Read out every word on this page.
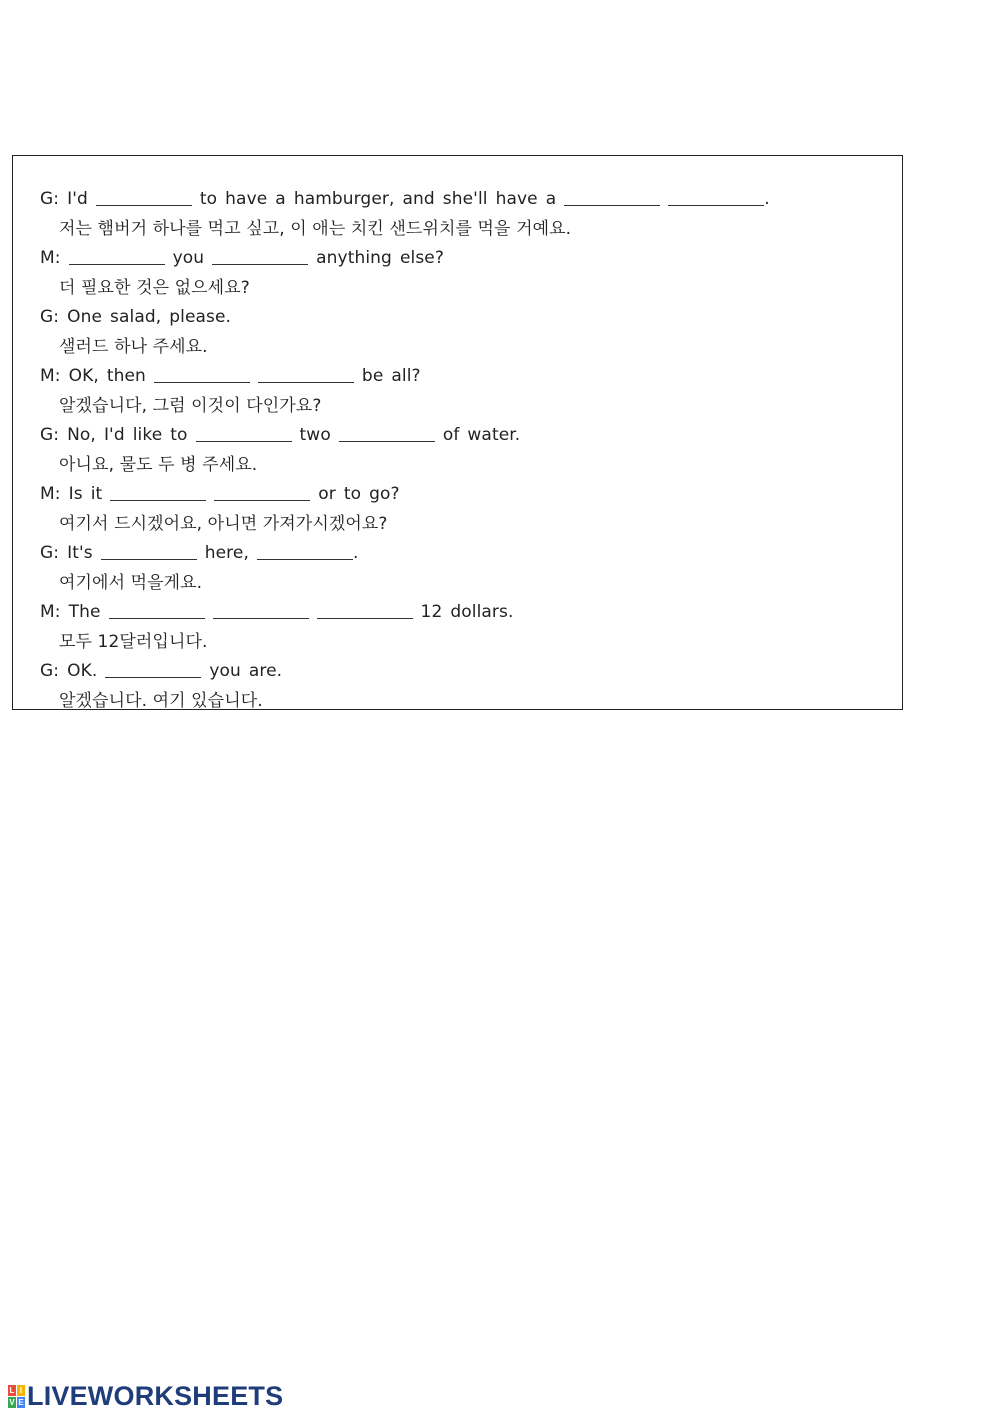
G: I'd	to have a hamburger, and she'll have a	.
저는 햄버거 하나를 먹고 싶고, 이 애는 치킨 샌드위치를 먹을 거예요.
M:	you	anything else?
더 필요한 것은 없으세요?
G: One salad, please.
샐러드 하나 주세요.
M: OK, then	be all?
알겠습니다, 그럼 이것이 다인가요?
G: No, I'd like to	two	of water.
아니요, 물도 두 병 주세요.
M: Is it	or to go?
여기서 드시겠어요, 아니면 가져가시겠어요?
G: It's	here,	.
여기에서 먹을게요.
M: The	12 dollars.
모두 12달러입니다.
G: OK.	you are.
알겠습니다. 여기 있습니다.
L I
V E LIVEWORKSHEETS
